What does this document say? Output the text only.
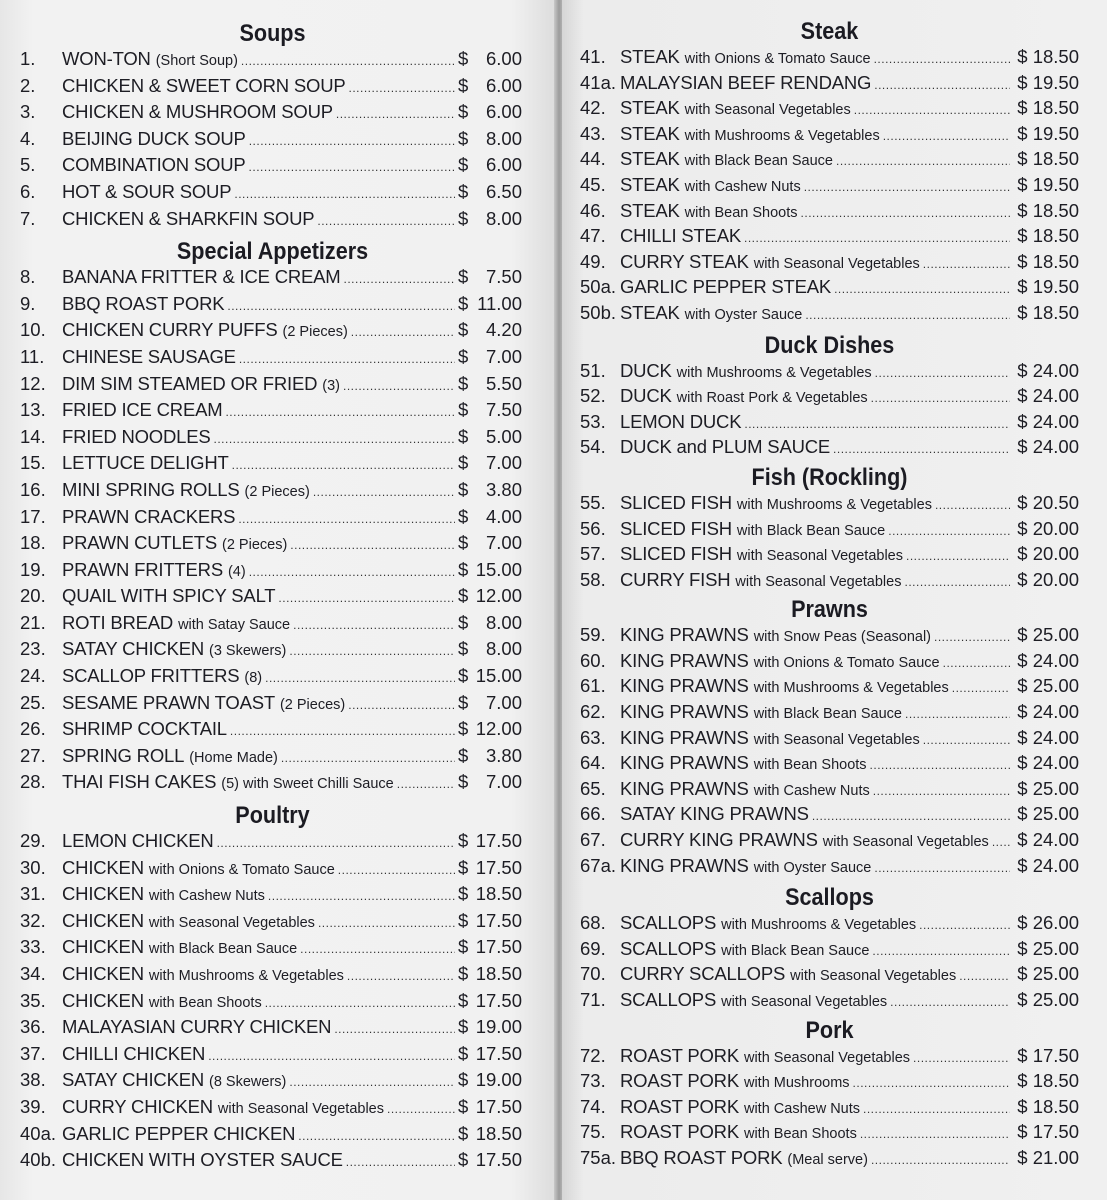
Soups
1.	WON-TON (Short Soup) .....	$ 6.00
2.	CHICKEN & SWEET CORN SOUP .....	$ 6.00
3.	CHICKEN & MUSHROOM SOUP .....	$ 6.00
4.	BEIJING DUCK SOUP .....	$ 8.00
5.	COMBINATION SOUP .....	$ 6.00
6.	HOT & SOUR SOUP .....	$ 6.50
7.	CHICKEN & SHARKFIN SOUP .....	$ 8.00
Special Appetizers
8.	BANANA FRITTER & ICE CREAM .....	$ 7.50
9.	BBQ ROAST PORK .....	$ 11.00
10. CHICKEN CURRY PUFFS (2 Pieces) .....	$ 4.20
11. CHINESE SAUSAGE .....	$ 7.00
12. DIM SIM STEAMED OR FRIED (3) .....	$ 5.50
13. FRIED ICE CREAM .....	$ 7.50
14. FRIED NOODLES .....	$ 5.00
15. LETTUCE DELIGHT .....	$ 7.00
16. MINI SPRING ROLLS (2 Pieces) .....	$ 3.80
17. PRAWN CRACKERS .....	$ 4.00
18. PRAWN CUTLETS (2 Pieces) .....	$ 7.00
19. PRAWN FRITTERS (4) .....	$ 15.00
20. QUAIL WITH SPICY SALT .....	$ 12.00
21. ROTI BREAD with Satay Sauce .....	$ 8.00
23. SATAY CHICKEN (3 Skewers) .....	$ 8.00
24. SCALLOP FRITTERS (8) .....	$ 15.00
25. SESAME PRAWN TOAST (2 Pieces) .....	$ 7.00
26. SHRIMP COCKTAIL .....	$ 12.00
27. SPRING ROLL (Home Made) .....	$ 3.80
28. THAI FISH CAKES (5) with Sweet Chilli Sauce .....	$ 7.00
Poultry
29. LEMON CHICKEN .....	$ 17.50
30. CHICKEN with Onions & Tomato Sauce .....	$ 17.50
31. CHICKEN with Cashew Nuts .....	$ 18.50
32. CHICKEN with Seasonal Vegetables .....	$ 17.50
33. CHICKEN with Black Bean Sauce .....	$ 17.50
34. CHICKEN with Mushrooms & Vegetables .....	$ 18.50
35. CHICKEN with Bean Shoots .....	$ 17.50
36. MALAYASIAN CURRY CHICKEN .....	$ 19.00
37. CHILLI CHICKEN .....	$ 17.50
38. SATAY CHICKEN (8 Skewers) .....	$ 19.00
39. CURRY CHICKEN with Seasonal Vegetables .....	$ 17.50
40a. GARLIC PEPPER CHICKEN .....	$ 18.50
40b. CHICKEN WITH OYSTER SAUCE .....	$ 17.50
Steak
41. STEAK with Onions & Tomato Sauce .....	$ 18.50
41a. MALAYSIAN BEEF RENDANG .....	$ 19.50
42. STEAK with Seasonal Vegetables .....	$ 18.50
43. STEAK with Mushrooms & Vegetables .....	$ 19.50
44. STEAK with Black Bean Sauce .....	$ 18.50
45. STEAK with Cashew Nuts .....	$ 19.50
46. STEAK with Bean Shoots .....	$ 18.50
47. CHILLI STEAK .....	$ 18.50
49. CURRY STEAK with Seasonal Vegetables .....	$ 18.50
50a. GARLIC PEPPER STEAK .....	$ 19.50
50b. STEAK with Oyster Sauce .....	$ 18.50
Duck Dishes
51. DUCK with Mushrooms & Vegetables .....	$ 24.00
52. DUCK with Roast Pork & Vegetables .....	$ 24.00
53. LEMON DUCK .....	$ 24.00
54. DUCK and PLUM SAUCE .....	$ 24.00
Fish (Rockling)
55. SLICED FISH with Mushrooms & Vegetables .....	$ 20.50
56. SLICED FISH with Black Bean Sauce .....	$ 20.00
57. SLICED FISH with Seasonal Vegetables .....	$ 20.00
58. CURRY FISH with Seasonal Vegetables .....	$ 20.00
Prawns
59. KING PRAWNS with Snow Peas (Seasonal) .....	$ 25.00
60. KING PRAWNS with Onions & Tomato Sauce .....	$ 24.00
61. KING PRAWNS with Mushrooms & Vegetables .....	$ 25.00
62. KING PRAWNS with Black Bean Sauce .....	$ 24.00
63. KING PRAWNS with Seasonal Vegetables .....	$ 24.00
64. KING PRAWNS with Bean Shoots .....	$ 24.00
65. KING PRAWNS with Cashew Nuts .....	$ 25.00
66. SATAY KING PRAWNS .....	$ 25.00
67. CURRY KING PRAWNS with Seasonal Vegetables ..... $ 24.00
67a. KING PRAWNS with Oyster Sauce .....	$ 24.00
Scallops
68. SCALLOPS with Mushrooms & Vegetables .....	$ 26.00
69. SCALLOPS with Black Bean Sauce .....	$ 25.00
70. CURRY SCALLOPS with Seasonal Vegetables .....	$ 25.00
71. SCALLOPS with Seasonal Vegetables .....	$ 25.00
Pork
72. ROAST PORK with Seasonal Vegetables .....	$ 17.50
73. ROAST PORK with Mushrooms .....	$ 18.50
74. ROAST PORK with Cashew Nuts .....	$ 18.50
75. ROAST PORK with Bean Shoots .....	$ 17.50
75a. BBQ ROAST PORK (Meal serve) .....	$ 21.00
